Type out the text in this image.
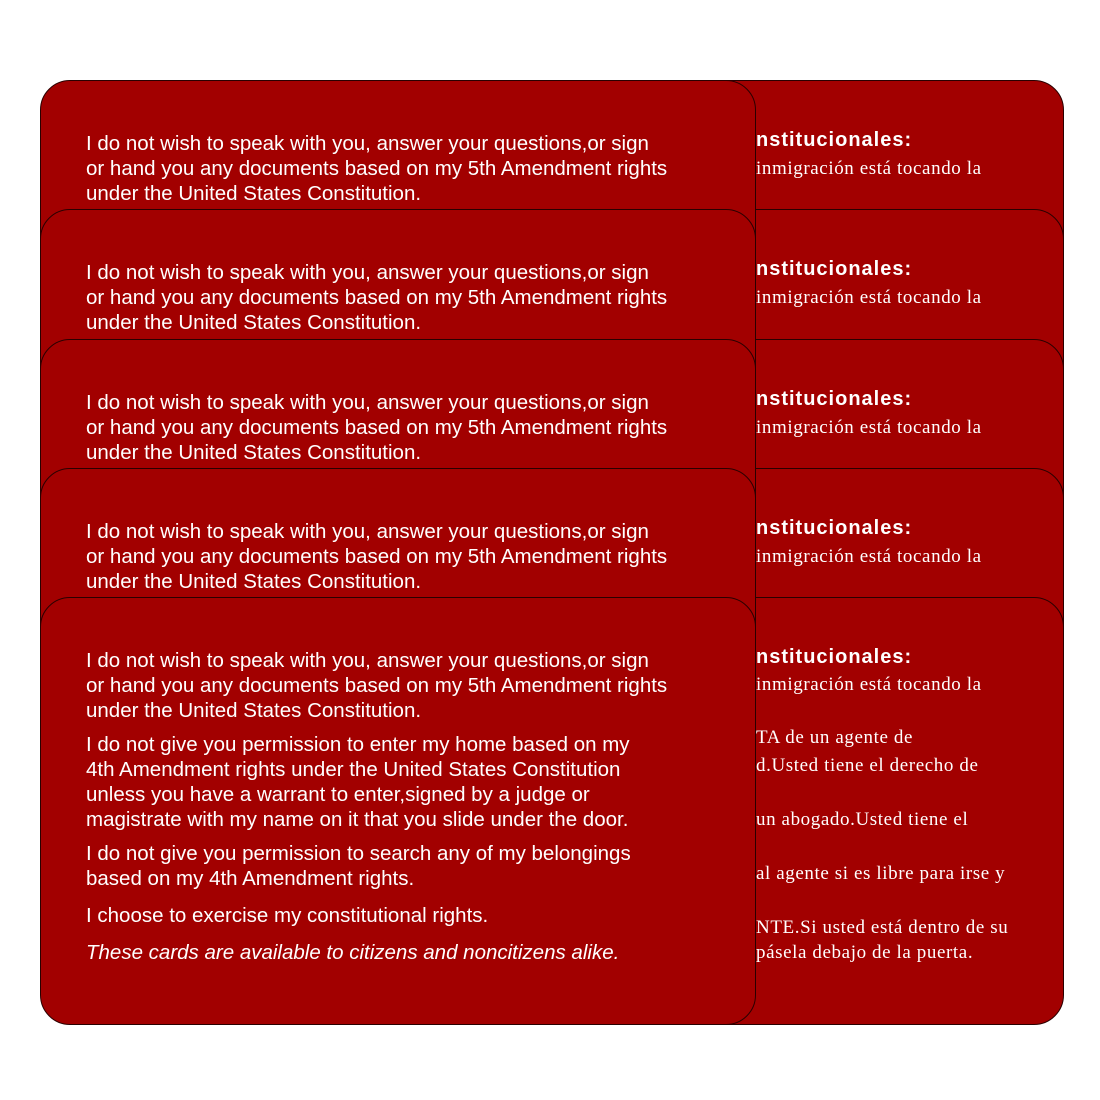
nstitucionales:
inmigración está tocando la
nstitucionales:
inmigración está tocando la
nstitucionales:
inmigración está tocando la
nstitucionales:
inmigración está tocando la
nstitucionales:
inmigración está tocando la
TA de un agente de
d.Usted tiene el derecho de
un abogado.Usted tiene el
al agente si es libre para irse y
NTE.Si usted está dentro de su
pásela debajo de la puerta.

I do not wish to speak with you, answer your questions,or sign
or hand you any documents based on my 5th Amendment rights
under the United States Constitution.

I do not wish to speak with you, answer your questions,or sign
or hand you any documents based on my 5th Amendment rights
under the United States Constitution.

I do not wish to speak with you, answer your questions,or sign
or hand you any documents based on my 5th Amendment rights
under the United States Constitution.

I do not wish to speak with you, answer your questions,or sign
or hand you any documents based on my 5th Amendment rights
under the United States Constitution.

I do not wish to speak with you, answer your questions,or sign
or hand you any documents based on my 5th Amendment rights
under the United States Constitution.

I do not give you permission to enter my home based on my
4th Amendment rights under the United States Constitution
unless you have a warrant to enter,signed by a judge or
magistrate with my name on it that you slide under the door.

I do not give you permission to search any of my belongings
based on my 4th Amendment rights.

I choose to exercise my constitutional rights.

These cards are available to citizens and noncitizens alike.
